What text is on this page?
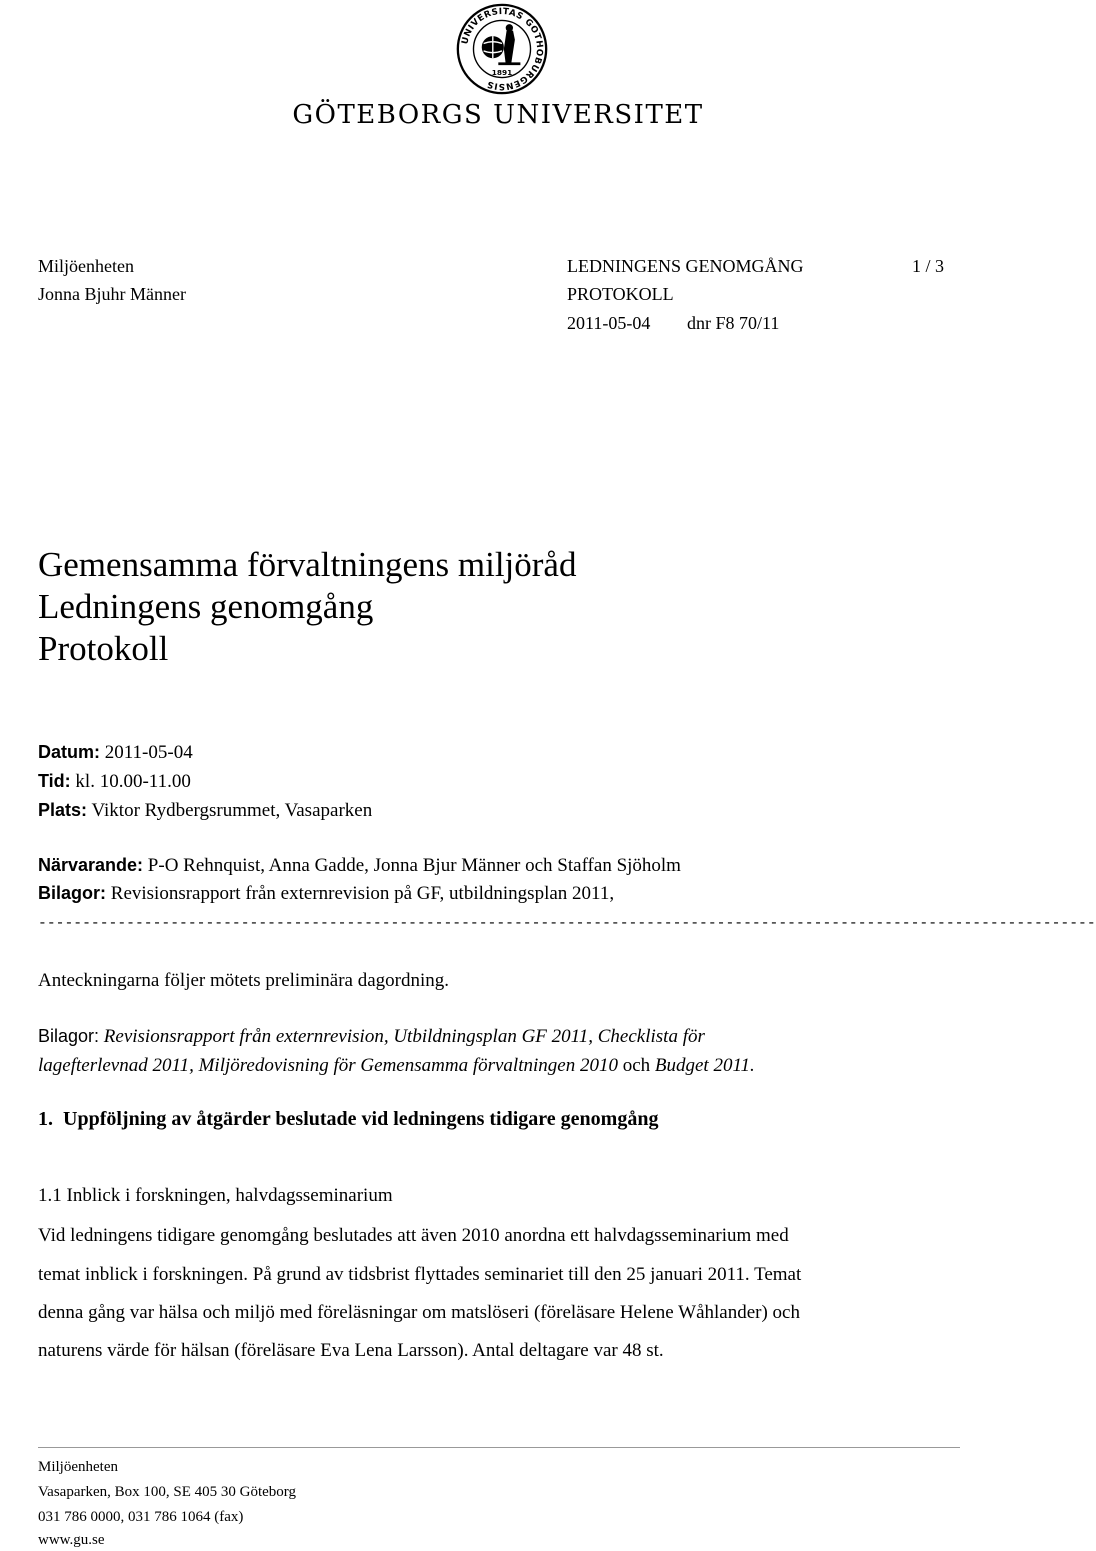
UNIVERSITAS GOTHOBURGENSIS
1891
GÖTEBORGS UNIVERSITET
Miljöenheten
Jonna Bjuhr Männer
LEDNINGENS GENOMGÅNG
PROTOKOLL
2011-05-04 dnr F8 70/11
1 / 3
Gemensamma förvaltningens miljöråd
Ledningens genomgång
Protokoll
Datum: 2011-05-04
Tid: kl. 10.00-11.00
Plats: Viktor Rydbergsrummet, Vasaparken
Närvarande: P-O Rehnquist, Anna Gadde, Jonna Bjur Männer och Staffan Sjöholm
Bilagor: Revisionsrapport från externrevision på GF, utbildningsplan 2011,
------------------------------------------------------------------------------------------------------------------------
Anteckningarna följer mötets preliminära dagordning.
Bilagor: Revisionsrapport från externrevision, Utbildningsplan GF 2011, Checklista för
lagefterlevnad 2011, Miljöredovisning för Gemensamma förvaltningen 2010 och Budget 2011.
1. Uppföljning av åtgärder beslutade vid ledningens tidigare genomgång
1.1 Inblick i forskningen, halvdagsseminarium
Vid ledningens tidigare genomgång beslutades att även 2010 anordna ett halvdagsseminarium med
temat inblick i forskningen. På grund av tidsbrist flyttades seminariet till den 25 januari 2011. Temat
denna gång var hälsa och miljö med föreläsningar om matslöseri (föreläsare Helene Wåhlander) och
naturens värde för hälsan (föreläsare Eva Lena Larsson). Antal deltagare var 48 st.
Miljöenheten
Vasaparken, Box 100, SE 405 30 Göteborg
031 786 0000, 031 786 1064 (fax)
www.gu.se
